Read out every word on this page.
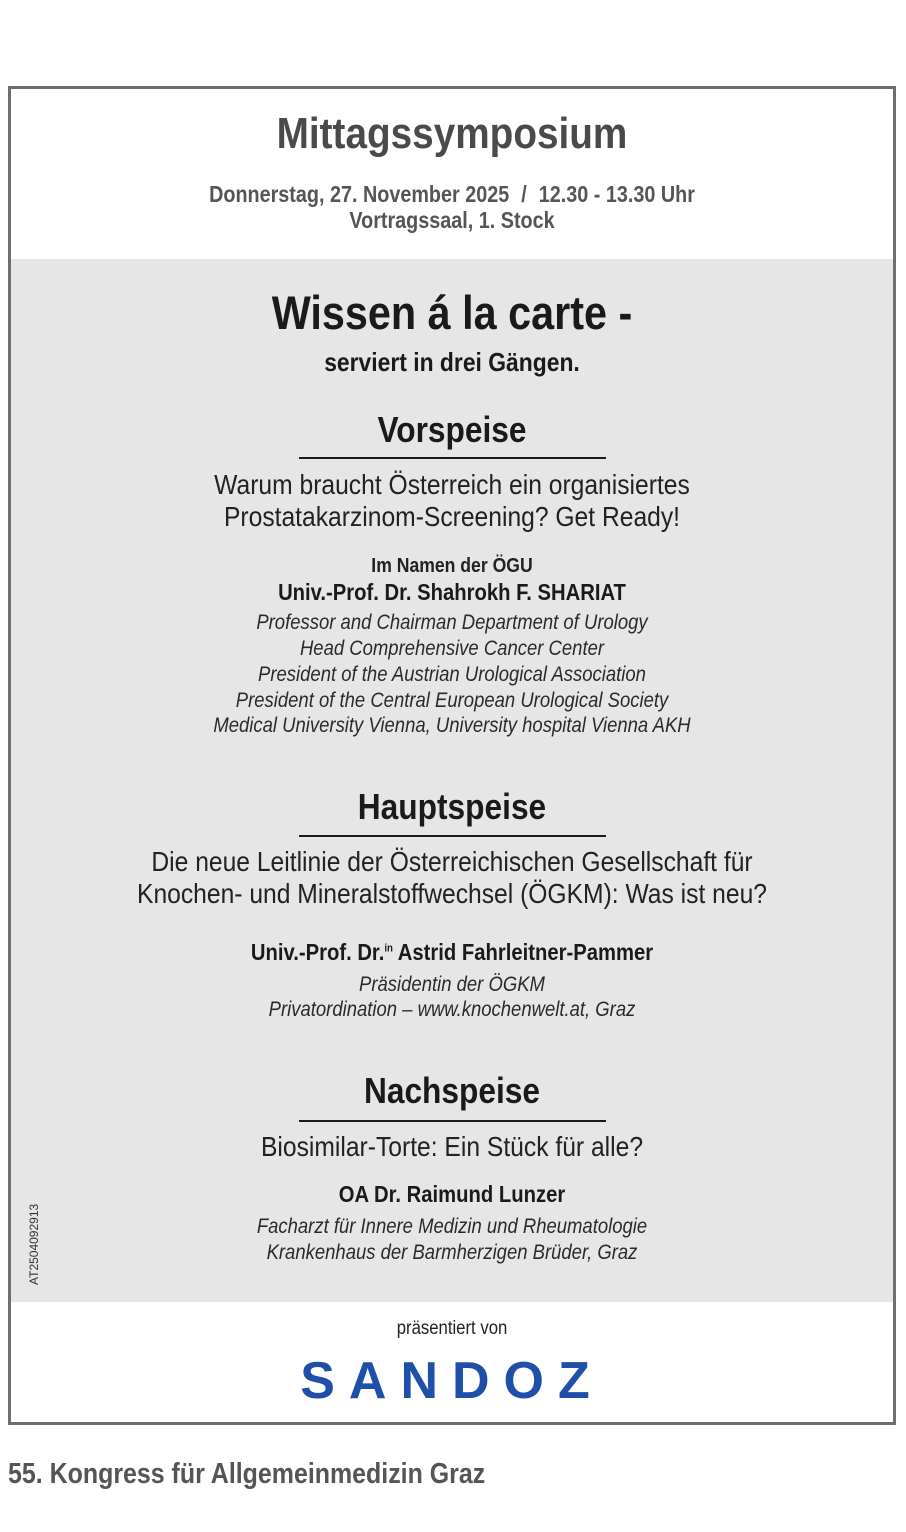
Mittagssymposium
Donnerstag, 27. November 2025 / 12.30 - 13.30 Uhr
Vortragssaal, 1. Stock
Wissen á la carte -
serviert in drei Gängen.
Vorspeise
Warum braucht Österreich ein organisiertes
Prostatakarzinom-Screening? Get Ready!
Im Namen der ÖGU
Univ.-Prof. Dr. Shahrokh F. SHARIAT
Professor and Chairman Department of Urology
Head Comprehensive Cancer Center
President of the Austrian Urological Association
President of the Central European Urological Society
Medical University Vienna, University hospital Vienna AKH
Hauptspeise
Die neue Leitlinie der Österreichischen Gesellschaft für
Knochen- und Mineralstoffwechsel (ÖGKM): Was ist neu?
Univ.-Prof. Dr.$^{in}$ Astrid Fahrleitner-Pammer
Präsidentin der ÖGKM
Privatordination – www.knochenwelt.at, Graz
Nachspeise
Biosimilar-Torte: Ein Stück für alle?
OA Dr. Raimund Lunzer
Facharzt für Innere Medizin und Rheumatologie
Krankenhaus der Barmherzigen Brüder, Graz
präsentiert von
SANDOZ
AT2504092913
55. Kongress für Allgemeinmedizin Graz
